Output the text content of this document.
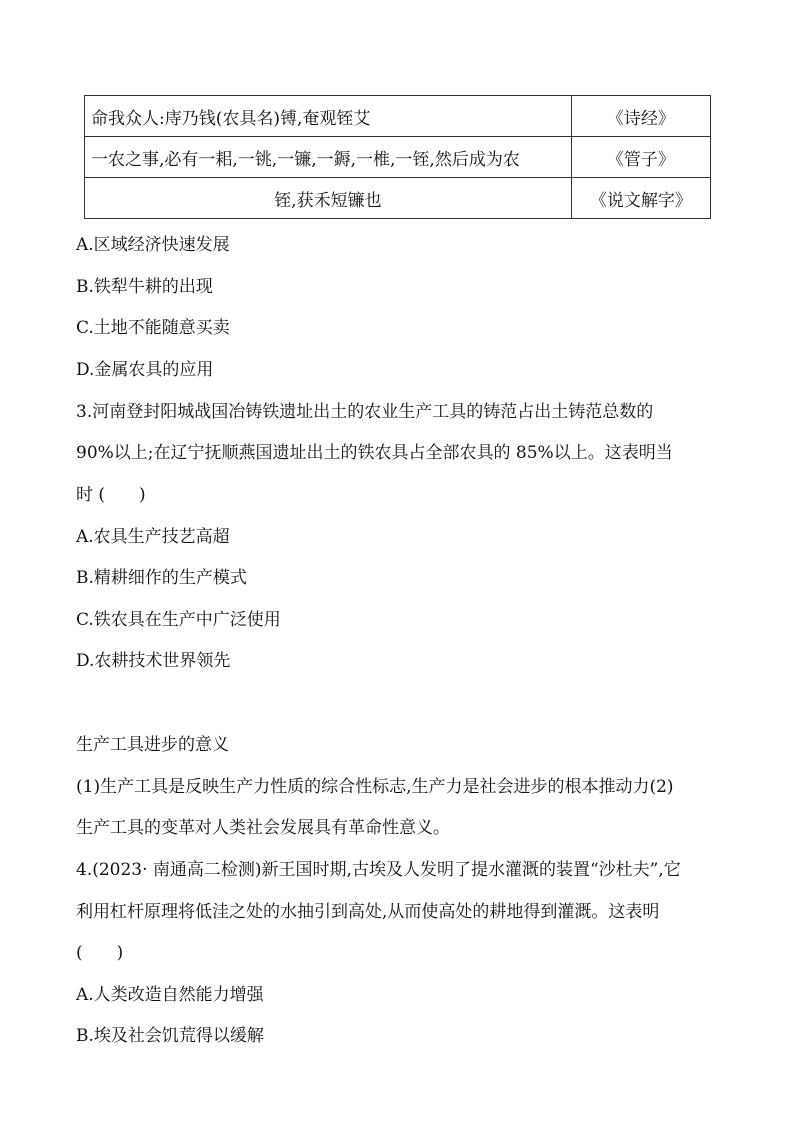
命我众人:庤乃钱(农具名)镈,奄观铚艾	《诗经》
一农之事,必有一耜,一铫,一镰,一鎒,一椎,一铚,然后成为农	《管子》
铚,获禾短镰也	《说文解字》
A.区域经济快速发展
B.铁犁牛耕的出现
C.土地不能随意买卖
D.金属农具的应用
3.河南登封阳城战国冶铸铁遗址出土的农业生产工具的铸范占出土铸范总数的
90%以上;在辽宁抚顺燕国遗址出土的铁农具占全部农具的 85%以上。这表明当
时 (　　)
A.农具生产技艺高超
B.精耕细作的生产模式
C.铁农具在生产中广泛使用
D.农耕技术世界领先
生产工具进步的意义
(1)生产工具是反映生产力性质的综合性标志,生产力是社会进步的根本推动力(2)
生产工具的变革对人类社会发展具有革命性意义。
4.(2023· 南通高二检测)新王国时期,古埃及人发明了提水灌溉的装置“沙杜夫”,它
利用杠杆原理将低洼之处的水抽引到高处,从而使高处的耕地得到灌溉。这表明
(　　)
A.人类改造自然能力增强
B.埃及社会饥荒得以缓解
